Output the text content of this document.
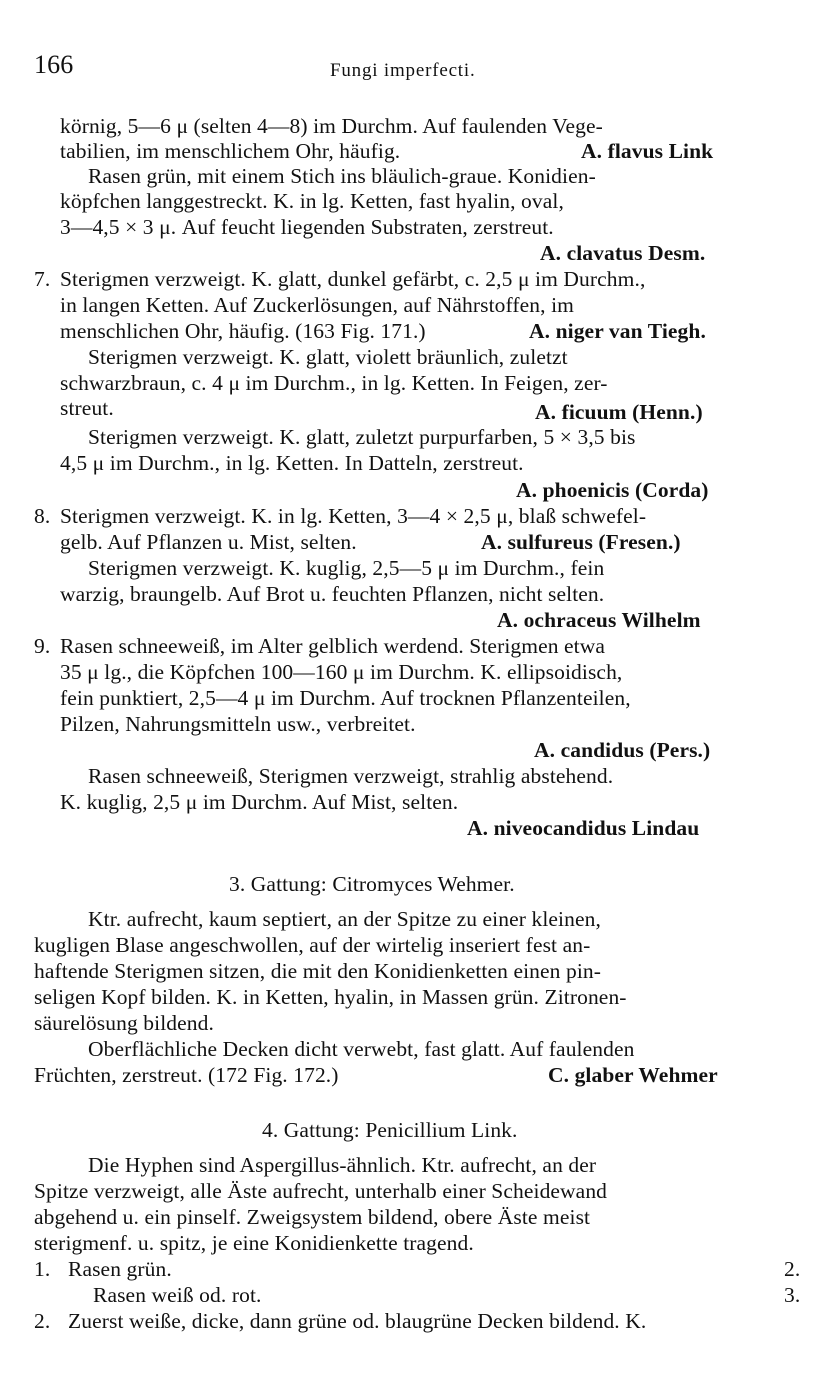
166	Fungi imperfecti.
körnig, 5—6 μ (selten 4—8) im Durchm. Auf faulenden Vege-
tabilien, im menschlichem Ohr, häufig.	A. flavus Link
Rasen grün, mit einem Stich ins bläulich-graue. Konidien-
köpfchen langgestreckt. K. in lg. Ketten, fast hyalin, oval,
3—4,5 × 3 μ. Auf feucht liegenden Substraten, zerstreut.
A. clavatus Desm.
7. Sterigmen verzweigt. K. glatt, dunkel gefärbt, c. 2,5 μ im Durchm.,
in langen Ketten. Auf Zuckerlösungen, auf Nährstoffen, im
menschlichen Ohr, häufig. (163 Fig. 171.)	A. niger van Tiegh.
Sterigmen verzweigt. K. glatt, violett bräunlich, zuletzt
schwarzbraun, c. 4 μ im Durchm., in lg. Ketten. In Feigen, zer-
streut.	A. ficuum (Henn.)
Sterigmen verzweigt. K. glatt, zuletzt purpurfarben, 5 × 3,5 bis
4,5 μ im Durchm., in lg. Ketten. In Datteln, zerstreut.
A. phoenicis (Corda)
8. Sterigmen verzweigt. K. in lg. Ketten, 3—4 × 2,5 μ, blaß schwefel-
gelb. Auf Pflanzen u. Mist, selten.	A. sulfureus (Fresen.)
Sterigmen verzweigt. K. kuglig, 2,5—5 μ im Durchm., fein
warzig, braungelb. Auf Brot u. feuchten Pflanzen, nicht selten.
A. ochraceus Wilhelm
9. Rasen schneeweiß, im Alter gelblich werdend. Sterigmen etwa
35 μ lg., die Köpfchen 100—160 μ im Durchm. K. ellipsoidisch,
fein punktiert, 2,5—4 μ im Durchm. Auf trocknen Pflanzenteilen,
Pilzen, Nahrungsmitteln usw., verbreitet.
A. candidus (Pers.)
Rasen schneeweiß, Sterigmen verzweigt, strahlig abstehend.
K. kuglig, 2,5 μ im Durchm. Auf Mist, selten.
A. niveocandidus Lindau
3. Gattung: Citromyces Wehmer.
Ktr. aufrecht, kaum septiert, an der Spitze zu einer kleinen,
kugligen Blase angeschwollen, auf der wirtelig inseriert fest an-
haftende Sterigmen sitzen, die mit den Konidienketten einen pin-
seligen Kopf bilden. K. in Ketten, hyalin, in Massen grün. Zitronen-
säurelösung bildend.
Oberflächliche Decken dicht verwebt, fast glatt. Auf faulenden
Früchten, zerstreut. (172 Fig. 172.)	C. glaber Wehmer
4. Gattung: Penicillium Link.
Die Hyphen sind Aspergillus-ähnlich. Ktr. aufrecht, an der
Spitze verzweigt, alle Äste aufrecht, unterhalb einer Scheidewand
abgehend u. ein pinself. Zweigsystem bildend, obere Äste meist
sterigmenf. u. spitz, je eine Konidienkette tragend.
1. Rasen grün.	2.
Rasen weiß od. rot.	3.
2. Zuerst weiße, dicke, dann grüne od. blaugrüne Decken bildend. K.
